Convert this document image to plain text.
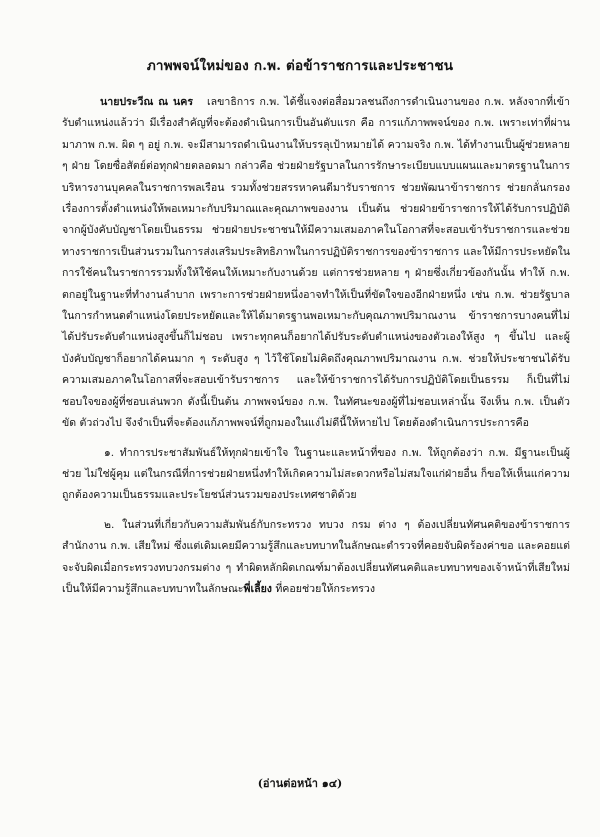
ภาพพจน์ใหม่ของ ก.พ. ต่อข้าราชการและประชาชน

นายประวีณ ณ นคร เลขาธิการ ก.พ. ได้ชี้แจงต่อสื่อมวลชนถึงการดำเนินงานของ ก.พ. หลังจากที่เข้ารับตำแหน่งแล้วว่า มีเรื่องสำคัญที่จะต้องดำเนินการเป็นอันดับแรก คือ การแก้ภาพพจน์ของ ก.พ. เพราะเท่าที่ผ่านมาภาพ ก.พ. ผิด ๆ อยู่ ก.พ. จะมีสามารถดำเนินงานให้บรรลุเป้าหมายได้ ความจริง ก.พ. ได้ทำงานเป็นผู้ช่วยหลาย ๆ ฝ่าย โดยซื่อสัตย์ต่อทุกฝ่ายตลอดมา กล่าวคือ ช่วยฝ่ายรัฐบาลในการรักษาระเบียบแบบแผนและมาตรฐานในการบริหารงานบุคคลในราชการพลเรือน รวมทั้งช่วยสรรหาคนดีมารับราชการ ช่วยพัฒนาข้าราชการ ช่วยกลั่นกรองเรื่องการตั้งตำแหน่งให้พอเหมาะกับปริมาณและคุณภาพของงาน เป็นต้น ช่วยฝ่ายข้าราชการให้ได้รับการปฏิบัติจากผู้บังคับบัญชาโดยเป็นธรรม ช่วยฝ่ายประชาชนให้มีความเสมอภาคในโอกาสที่จะสอบเข้ารับราชการและช่วยทางราชการเป็นส่วนรวมในการส่งเสริมประสิทธิภาพในการปฏิบัติราชการของข้าราชการ และให้มีการประหยัดในการใช้คนในราชการรวมทั้งให้ใช้คนให้เหมาะกับงานด้วย แต่การช่วยหลาย ๆ ฝ่ายซึ่งเกี่ยวข้องกันนั้น ทำให้ ก.พ. ตกอยู่ในฐานะที่ทำงานลำบาก เพราะการช่วยฝ่ายหนึ่งอาจทำให้เป็นที่ขัดใจของอีกฝ่ายหนึ่ง เช่น ก.พ. ช่วยรัฐบาลในการกำหนดตำแหน่งโดยประหยัดและให้ได้มาตรฐานพอเหมาะกับคุณภาพปริมาณงาน ข้าราชการบางคนที่ไม่ได้ปรับระดับตำแหน่งสูงขึ้นก็ไม่ชอบ เพราะทุกคนก็อยากได้ปรับระดับตำแหน่งของตัวเองให้สูง ๆ ขึ้นไป และผู้บังคับบัญชาก็อยากได้คนมาก ๆ ระดับสูง ๆ ไว้ใช้โดยไม่คิดถึงคุณภาพปริมาณงาน ก.พ. ช่วยให้ประชาชนได้รับความเสมอภาคในโอกาสที่จะสอบเข้ารับราชการ และให้ข้าราชการได้รับการปฏิบัติโดยเป็นธรรม ก็เป็นที่ไม่ชอบใจของผู้ที่ชอบเล่นพวก ดังนี้เป็นต้น ภาพพจน์ของ ก.พ. ในทัศนะของผู้ที่ไม่ชอบเหล่านั้น จึงเห็น ก.พ. เป็นตัวขัด ตัวถ่วงไป จึงจำเป็นที่จะต้องแก้ภาพพจน์ที่ถูกมองในแง่ไม่ดีนี้ให้หายไป โดยต้องดำเนินการประการคือ

๑. ทำการประชาสัมพันธ์ให้ทุกฝ่ายเข้าใจ ในฐานะและหน้าที่ของ ก.พ. ให้ถูกต้องว่า ก.พ. มีฐานะเป็นผู้ช่วย ไม่ใช่ผู้คุม แต่ในกรณีที่การช่วยฝ่ายหนึ่งทำให้เกิดความไม่สะดวกหรือไม่สมใจแก่ฝ่ายอื่น ก็ขอให้เห็นแก่ความถูกต้องความเป็นธรรมและประโยชน์ส่วนรวมของประเทศชาติด้วย

๒. ในส่วนที่เกี่ยวกับความสัมพันธ์กับกระทรวง ทบวง กรม ต่าง ๆ ต้องเปลี่ยนทัศนคติของข้าราชการสำนักงาน ก.พ. เสียใหม่ ซึ่งแต่เดิมเคยมีความรู้สึกและบทบาทในลักษณะตำรวจที่คอยจับผิดร้องค่าขอ และคอยแต่จะจับผิดเมื่อกระทรวงทบวงกรมต่าง ๆ ทำผิดหลักผิดเกณฑ์มาต้องเปลี่ยนทัศนคติและบทบาทของเจ้าหน้าที่เสียใหม่เป็นให้มีความรู้สึกและบทบาทในลักษณะพี่เลี้ยง ที่คอยช่วยให้กระทรวง

(อ่านต่อหน้า ๑๔)
